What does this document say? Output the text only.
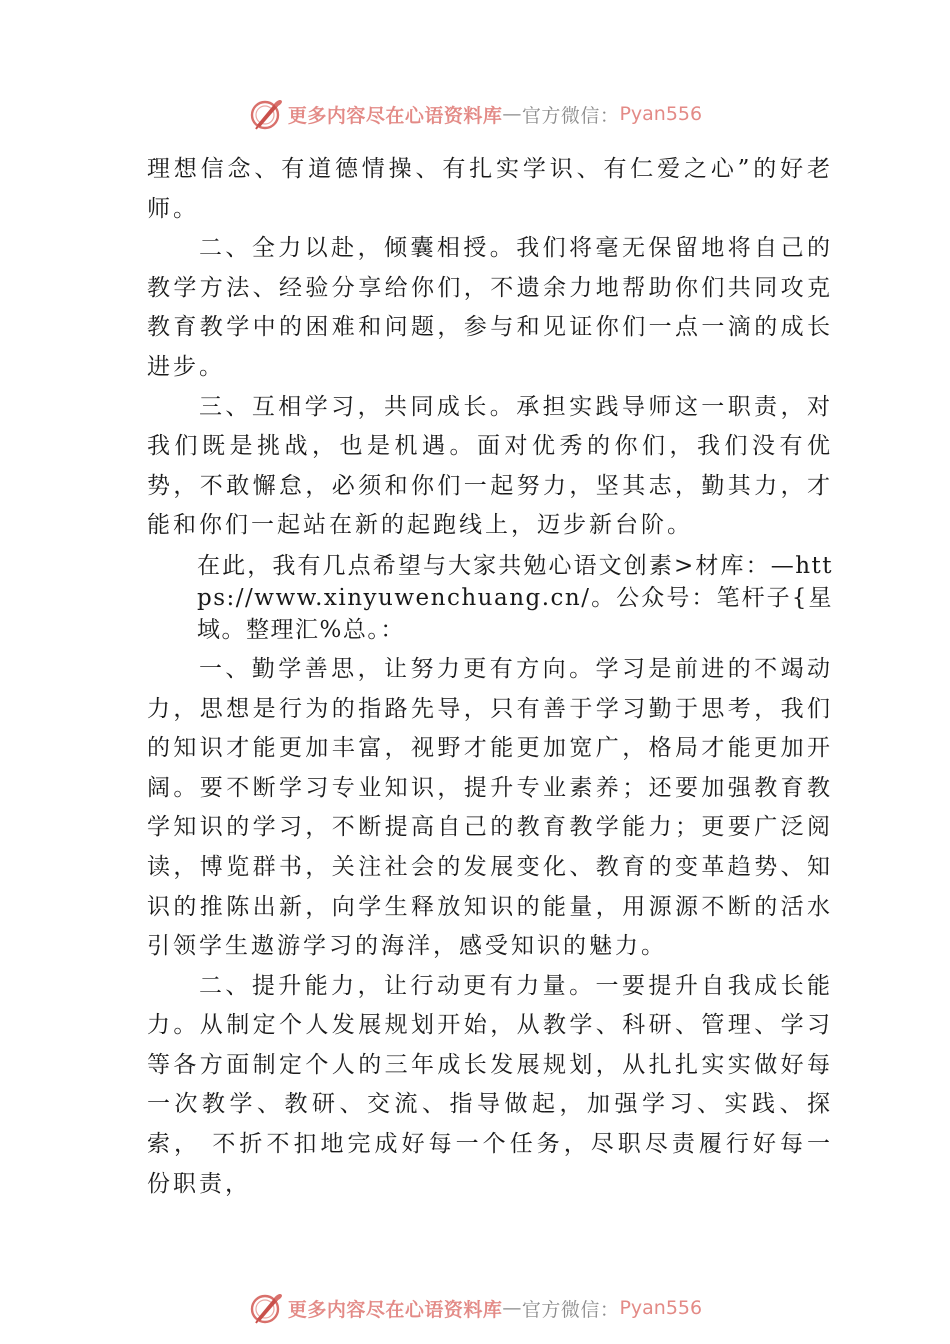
更多内容尽在心语资料库 — 官方微信： Pyan556

理想信念、有道德情操、有扎实学识、有仁爱之心”的好老师。

二、全力以赴，倾囊相授。我们将毫无保留地将自己的教学方法、经验分享给你们，不遗余力地帮助你们共同攻克教育教学中的困难和问题，参与和见证你们一点一滴的成长进步。

三、互相学习，共同成长。承担实践导师这一职责，对我们既是挑战，也是机遇。面对优秀的你们，我们没有优势，不敢懈怠，必须和你们一起努力，坚其志，勤其力，才能和你们一起站在新的起跑线上，迈步新台阶。

在此，我有几点希望与大家共勉心语文创素>材库：—https://www.xinyuwenchuang.cn/。公众号：笔杆子{星域。整理汇%总。：

一、勤学善思，让努力更有方向。学习是前进的不竭动力，思想是行为的指路先导，只有善于学习勤于思考，我们的知识才能更加丰富，视野才能更加宽广，格局才能更加开阔。要不断学习专业知识，提升专业素养；还要加强教育教学知识的学习，不断提高自己的教育教学能力；更要广泛阅读，博览群书，关注社会的发展变化、教育的变革趋势、知识的推陈出新，向学生释放知识的能量，用源源不断的活水引领学生遨游学习的海洋，感受知识的魅力。

二、提升能力，让行动更有力量。一要提升自我成长能力。从制定个人发展规划开始，从教学、科研、管理、学习等各方面制定个人的三年成长发展规划，从扎扎实实做好每 一次教学、教研、交流、指导做起，加强学习、实践、探索， 不折不扣地完成好每一个任务，尽职尽责履行好每一份职责，

更多内容尽在心语资料库 — 官方微信： Pyan556
